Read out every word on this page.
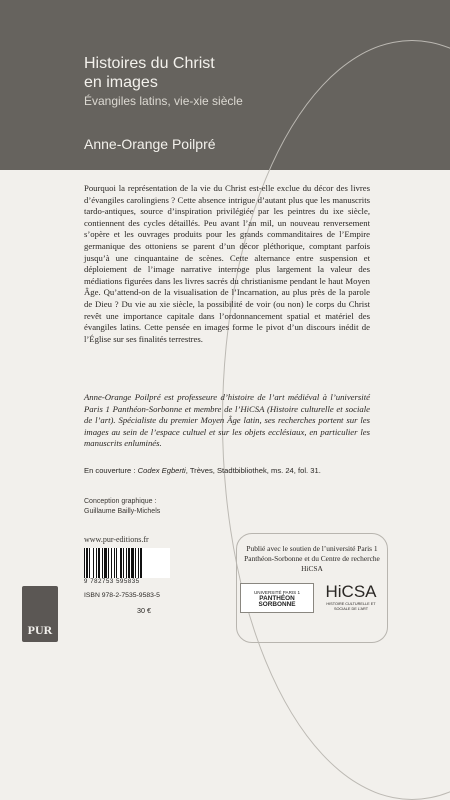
Histoires du Christ
en images

Évangiles latins, vie-xie siècle

Anne-Orange Poilpré

Pourquoi la représentation de la vie du Christ est-elle exclue du décor des livres d’évangiles carolingiens ? Cette absence intrigue d’autant plus que les manuscrits tardo-antiques, source d’inspiration privilégiée par les peintres du ixe siècle, contiennent des cycles détaillés. Peu avant l’an mil, un nouveau renversement s’opère et les ouvrages produits pour les grands commanditaires de l’Empire germanique des ottoniens se parent d’un décor pléthorique, comptant parfois jusqu’à une cinquantaine de scènes. Cette alternance entre suspension et déploiement de l’image narrative interroge plus largement la valeur des médiations figurées dans les livres sacrés du christianisme pendant le haut Moyen Âge. Qu’attend-on de la visualisation de l’Incarnation, au plus près de la parole de Dieu ? Du vie au xie siècle, la possibilité de voir (ou non) le corps du Christ revêt une importance capitale dans l’ordonnancement spatial et matériel des évangiles latins. Cette pensée en images forme le pivot d’un discours inédit de l’Église sur ses finalités terrestres.

Anne-Orange Poilpré est professeure d’histoire de l’art médiéval à l’université Paris 1 Panthéon-Sorbonne et membre de l’HiCSA (Histoire culturelle et sociale de l’art). Spécialiste du premier Moyen Âge latin, ses recherches portent sur les images au sein de l’espace cultuel et sur les objets ecclésiaux, en particulier les manuscrits enluminés.

En couverture : Codex Egberti, Trèves, Stadtbibliothek, ms. 24, fol. 31.

Conception graphique :
Guillaume Bailly-Michels
www.pur-editions.fr
9 782753 595835
ISBN 978-2-7535-9583-5
30 €
PUR

Publié avec le soutien de l’université Paris 1 Panthéon-Sorbonne et du Centre de recherche HiCSA

UNIVERSITÉ PARIS 1
PANTHÉON SORBONNE
HiCSA
HISTOIRE CULTURELLE ET SOCIALE DE L’ART
